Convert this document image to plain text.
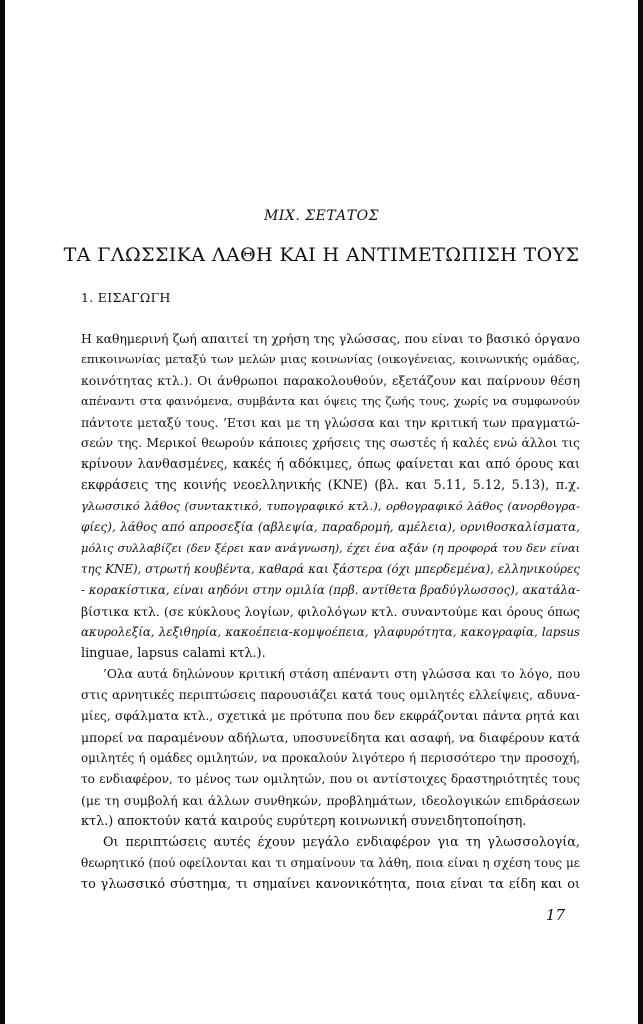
ΜΙΧ. ΣΕΤΑΤΟΣ
ΤΑ ΓΛΩΣΣΙΚΑ ΛΑΘΗ ΚΑΙ Η ΑΝΤΙΜΕΤΩΠΙΣΗ ΤΟΥΣ
1. ΕΙΣΑΓΩΓΗ
Η καθημερινή ζωή απαιτεί τη χρήση της γλώσσας, που είναι το βασικό όργανο
επικοινωνίας μεταξύ των μελών μιας κοινωνίας (οικογένειας, κοινωνικής ομάδας,
κοινότητας κτλ.). Οι άνθρωποι παρακολουθούν, εξετάζουν και παίρνουν θέση
απέναντι στα φαινόμενα, συμβάντα και όψεις της ζωής τους, χωρίς να συμφωνούν
πάντοτε μεταξύ τους. ’Ετσι και με τη γλώσσα και την κριτική των πραγματώ-
σεών της. Μερικοί θεωρούν κάποιες χρήσεις της σωστές ή καλές ενώ άλλοι τις
κρίνουν λανθασμένες, κακές ή αδόκιμες, όπως φαίνεται και από όρους και
εκφράσεις της κοινής νεοελληνικής (ΚΝΕ) (βλ. και 5.11, 5.12, 5.13), π.χ.
γλωσσικό λάθος (συντακτικό, τυπογραφικό κτλ.), ορθογραφικό λάθος (ανορθογρα-
φίες), λάθος από απροσεξία (αβλεψία, παραδρομή, αμέλεια), ορνιθοσκαλίσματα,
μόλις συλλαβίζει (δεν ξέρει καν ανάγνωση), έχει ένα αξάν (η προφορά του δεν είναι
της ΚΝΕ), στρωτή κουβέντα, καθαρά και ξάστερα (όχι μπερδεμένα), ελληνικούρες
- κορακίστικα, είναι αηδόνι στην ομιλία (πρβ. αντίθετα βραδύγλωσσος), ακατάλα-
βίστικα κτλ. (σε κύκλους λογίων, φιλολόγων κτλ. συναντούμε και όρους όπως
ακυρολεξία, λεξιθηρία, κακοέπεια-κομψοέπεια, γλαφυρότητα, κακογραφία, lapsus
linguae, lapsus calami κτλ.).
’Ολα αυτά δηλώνουν κριτική στάση απέναντι στη γλώσσα και το λόγο, που
στις αρνητικές περιπτώσεις παρουσιάζει κατά τους ομιλητές ελλείψεις, αδυνα-
μίες, σφάλματα κτλ., σχετικά με πρότυπα που δεν εκφράζονται πάντα ρητά και
μπορεί να παραμένουν αδήλωτα, υποσυνείδητα και ασαφή, να διαφέρουν κατά
ομιλητές ή ομάδες ομιλητών, να προκαλούν λιγότερο ή περισσότερο την προσοχή,
το ενδιαφέρον, το μένος των ομιλητών, που οι αντίστοιχες δραστηριότητές τους
(με τη συμβολή και άλλων συνθηκών, προβλημάτων, ιδεολογικών επιδράσεων
κτλ.) αποκτούν κατά καιρούς ευρύτερη κοινωνική συνειδητοποίηση.
Οι περιπτώσεις αυτές έχουν μεγάλο ενδιαφέρον για τη γλωσσολογία,
θεωρητικό (πού οφείλονται και τι σημαίνουν τα λάθη, ποια είναι η σχέση τους με
το γλωσσικό σύστημα, τι σημαίνει κανονικότητα, ποια είναι τα είδη και οι
17
